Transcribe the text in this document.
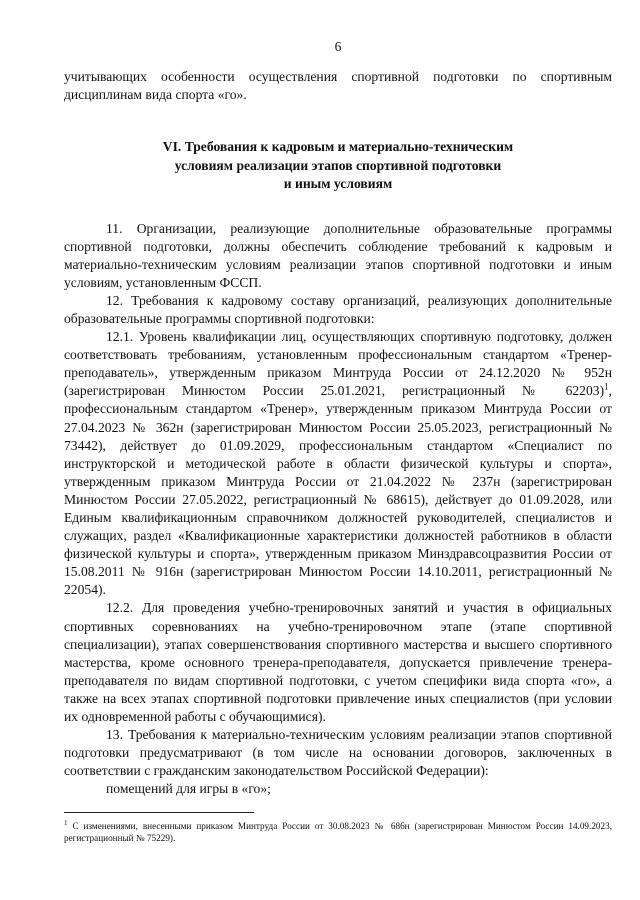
6

учитывающих особенности осуществления спортивной подготовки по спортивным дисциплинам вида спорта «го».

VI. Требования к кадровым и материально-техническим
условиям реализации этапов спортивной подготовки
и иным условиям

11. Организации, реализующие дополнительные образовательные программы спортивной подготовки, должны обеспечить соблюдение требований к кадровым и материально-техническим условиям реализации этапов спортивной подготовки и иным условиям, установленным ФССП.

12. Требования к кадровому составу организаций, реализующих дополнительные образовательные программы спортивной подготовки:

12.1. Уровень квалификации лиц, осуществляющих спортивную подготовку, должен соответствовать требованиям, установленным профессиональным стандартом «Тренер-преподаватель», утвержденным приказом Минтруда России от 24.12.2020 № 952н (зарегистрирован Минюстом России 25.01.2021, регистрационный № 62203)$^1$, профессиональным стандартом «Тренер», утвержденным приказом Минтруда России от 27.04.2023 № 362н (зарегистрирован Минюстом России 25.05.2023, регистрационный № 73442), действует до 01.09.2029, профессиональным стандартом «Специалист по инструкторской и методической работе в области физической культуры и спорта», утвержденным приказом Минтруда России от 21.04.2022 № 237н (зарегистрирован Минюстом России 27.05.2022, регистрационный № 68615), действует до 01.09.2028, или Единым квалификационным справочником должностей руководителей, специалистов и служащих, раздел «Квалификационные характеристики должностей работников в области физической культуры и спорта», утвержденным приказом Минздравсоцразвития России от 15.08.2011 № 916н (зарегистрирован Минюстом России 14.10.2011, регистрационный № 22054).

12.2. Для проведения учебно-тренировочных занятий и участия в официальных спортивных соревнованиях на учебно-тренировочном этапе (этапе спортивной специализации), этапах совершенствования спортивного мастерства и высшего спортивного мастерства, кроме основного тренера-преподавателя, допускается привлечение тренера-преподавателя по видам спортивной подготовки, с учетом специфики вида спорта «го», а также на всех этапах спортивной подготовки привлечение иных специалистов (при условии их одновременной работы с обучающимися).

13. Требования к материально-техническим условиям реализации этапов спортивной подготовки предусматривают (в том числе на основании договоров, заключенных в соответствии с гражданским законодательством Российской Федерации):

помещений для игры в «го»;

$^1$ С изменениями, внесенными приказом Минтруда России от 30.08.2023 № 686н (зарегистрирован Минюстом России 14.09.2023, регистрационный № 75229).
